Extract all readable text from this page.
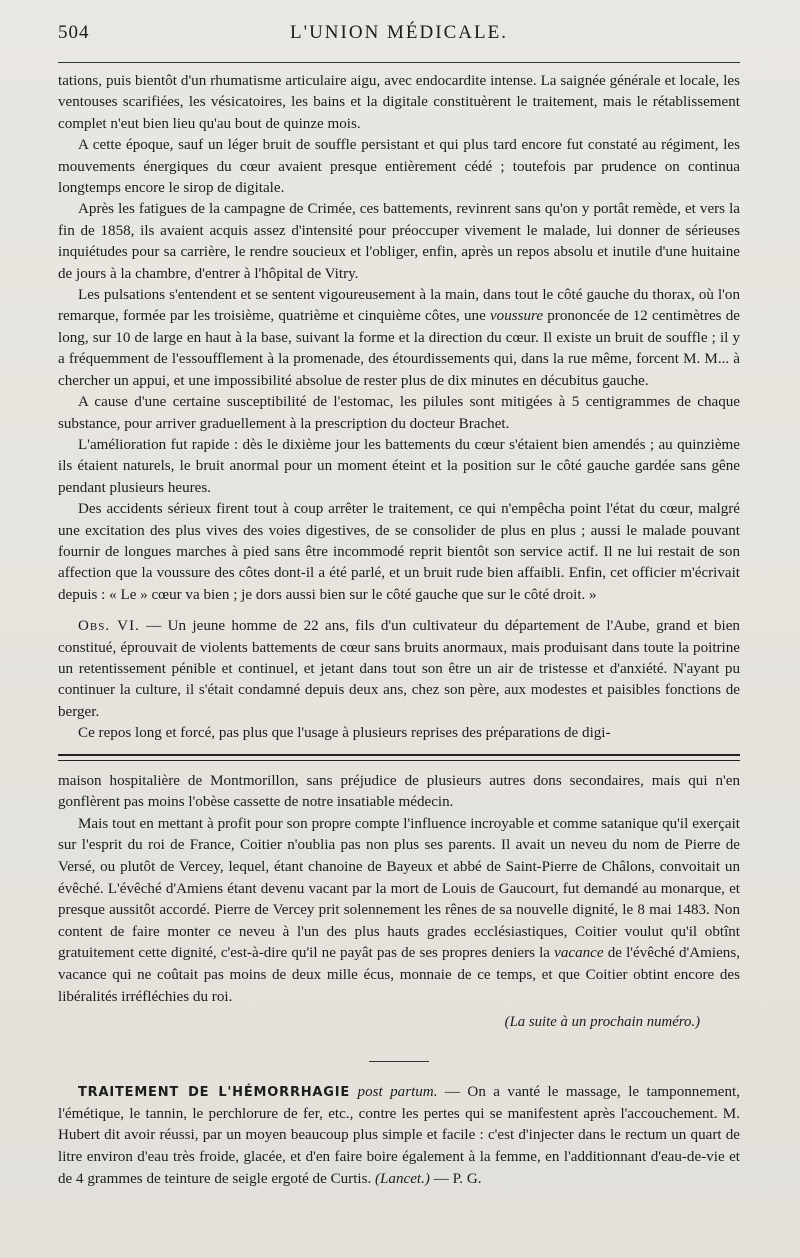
504	L'UNION MÉDICALE.

tations, puis bientôt d'un rhumatisme articulaire aigu, avec endocardite intense. La saignée générale et locale, les ventouses scarifiées, les vésicatoires, les bains et la digitale constituèrent le traitement, mais le rétablissement complet n'eut bien lieu qu'au bout de quinze mois.

A cette époque, sauf un léger bruit de souffle persistant et qui plus tard encore fut constaté au régiment, les mouvements énergiques du cœur avaient presque entièrement cédé ; toutefois par prudence on continua longtemps encore le sirop de digitale.

Après les fatigues de la campagne de Crimée, ces battements, revinrent sans qu'on y portât remède, et vers la fin de 1858, ils avaient acquis assez d'intensité pour préoccuper vivement le malade, lui donner de sérieuses inquiétudes pour sa carrière, le rendre soucieux et l'obliger, enfin, après un repos absolu et inutile d'une huitaine de jours à la chambre, d'entrer à l'hôpital de Vitry.

Les pulsations s'entendent et se sentent vigoureusement à la main, dans tout le côté gauche du thorax, où l'on remarque, formée par les troisième, quatrième et cinquième côtes, une voussure prononcée de 12 centimètres de long, sur 10 de large en haut à la base, suivant la forme et la direction du cœur. Il existe un bruit de souffle ; il y a fréquemment de l'essoufflement à la promenade, des étourdissements qui, dans la rue même, forcent M. M... à chercher un appui, et une impossibilité absolue de rester plus de dix minutes en décubitus gauche.

A cause d'une certaine susceptibilité de l'estomac, les pilules sont mitigées à 5 centigrammes de chaque substance, pour arriver graduellement à la prescription du docteur Brachet.

L'amélioration fut rapide : dès le dixième jour les battements du cœur s'étaient bien amendés ; au quinzième ils étaient naturels, le bruit anormal pour un moment éteint et la position sur le côté gauche gardée sans gêne pendant plusieurs heures.

Des accidents sérieux firent tout à coup arrêter le traitement, ce qui n'empêcha point l'état du cœur, malgré une excitation des plus vives des voies digestives, de se consolider de plus en plus ; aussi le malade pouvant fournir de longues marches à pied sans être incommodé reprit bientôt son service actif. Il ne lui restait de son affection que la voussure des côtes dont-il a été parlé, et un bruit rude bien affaibli. Enfin, cet officier m'écrivait depuis : « Le » cœur va bien ; je dors aussi bien sur le côté gauche que sur le côté droit. »

Obs. VI. — Un jeune homme de 22 ans, fils d'un cultivateur du département de l'Aube, grand et bien constitué, éprouvait de violents battements de cœur sans bruits anormaux, mais produisant dans toute la poitrine un retentissement pénible et continuel, et jetant dans tout son être un air de tristesse et d'anxiété. N'ayant pu continuer la culture, il s'était condamné depuis deux ans, chez son père, aux modestes et paisibles fonctions de berger.

Ce repos long et forcé, pas plus que l'usage à plusieurs reprises des préparations de digi-

maison hospitalière de Montmorillon, sans préjudice de plusieurs autres dons secondaires, mais qui n'en gonflèrent pas moins l'obèse cassette de notre insatiable médecin.

Mais tout en mettant à profit pour son propre compte l'influence incroyable et comme satanique qu'il exerçait sur l'esprit du roi de France, Coitier n'oublia pas non plus ses parents. Il avait un neveu du nom de Pierre de Versé, ou plutôt de Vercey, lequel, étant chanoine de Bayeux et abbé de Saint-Pierre de Châlons, convoitait un évêché. L'évêché d'Amiens étant devenu vacant par la mort de Louis de Gaucourt, fut demandé au monarque, et presque aussitôt accordé. Pierre de Vercey prit solennement les rênes de sa nouvelle dignité, le 8 mai 1483. Non content de faire monter ce neveu à l'un des plus hauts grades ecclésiastiques, Coitier voulut qu'il obtînt gratuitement cette dignité, c'est-à-dire qu'il ne payât pas de ses propres deniers la vacance de l'évêché d'Amiens, vacance qui ne coûtait pas moins de deux mille écus, monnaie de ce temps, et que Coitier obtint encore des libéralités irréfléchies du roi.

(La suite à un prochain numéro.)

TRAITEMENT DE L'HÉMORRHAGIE post partum. — On a vanté le massage, le tamponnement, l'émétique, le tannin, le perchlorure de fer, etc., contre les pertes qui se manifestent après l'accouchement. M. Hubert dit avoir réussi, par un moyen beaucoup plus simple et facile : c'est d'injecter dans le rectum un quart de litre environ d'eau très froide, glacée, et d'en faire boire également à la femme, en l'additionnant d'eau-de-vie et de 4 grammes de teinture de seigle ergoté de Curtis. (Lancet.) — P. G.
